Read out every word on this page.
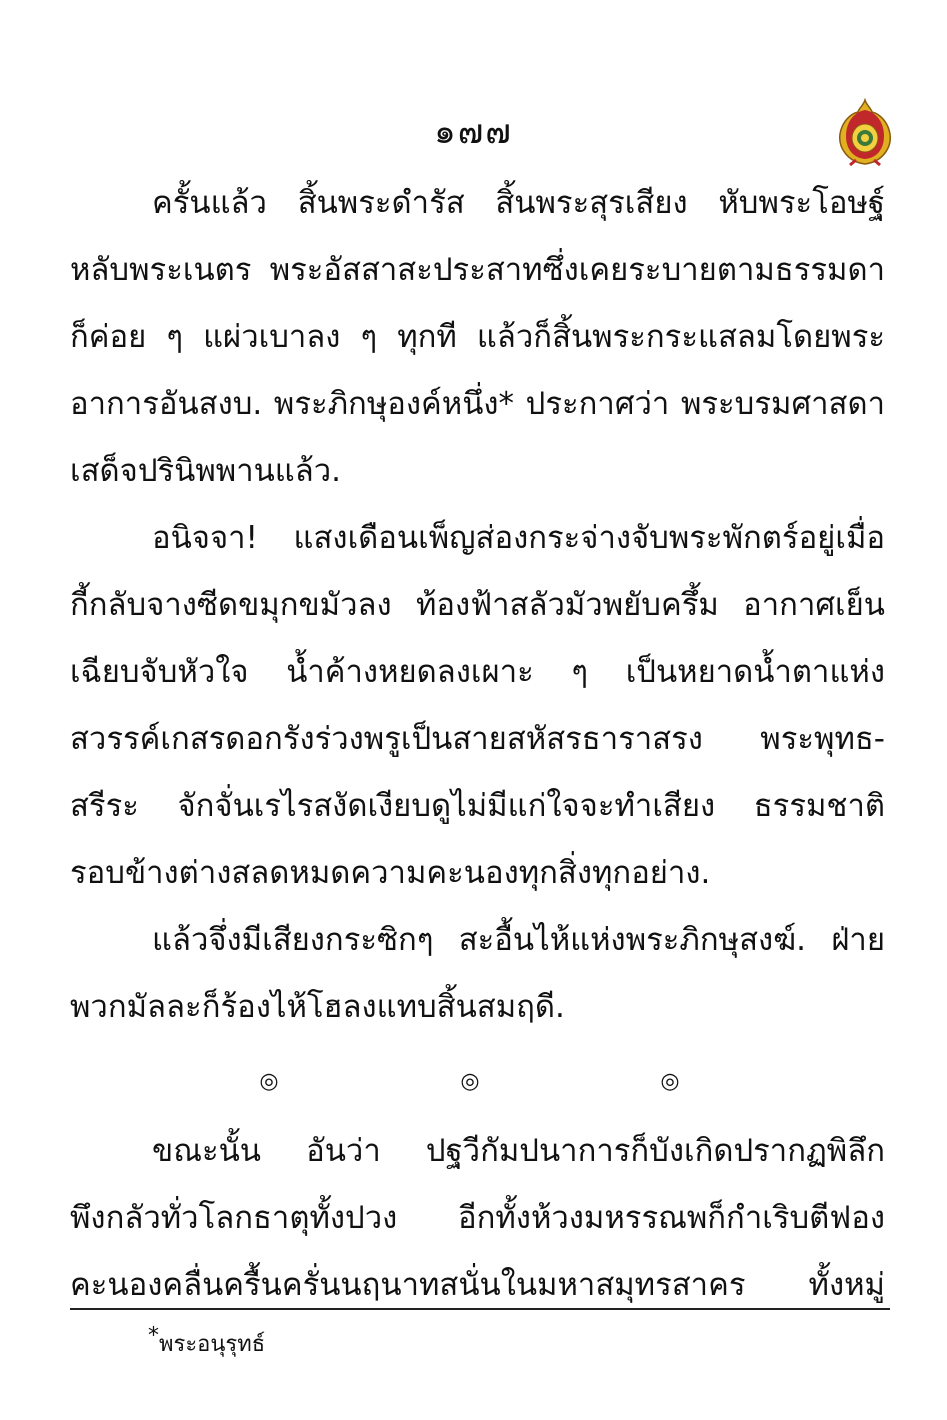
๑๗๗
ครั้นแล้ว สิ้นพระดำรัส สิ้นพระสุรเสียง หับพระโอษฐ์
หลับพระเนตร พระอัสสาสะประสาทซึ่งเคยระบายตามธรรมดา
ก็ค่อย ๆ แผ่วเบาลง ๆ ทุกที แล้วก็สิ้นพระกระแสลมโดยพระ
อาการอันสงบ. พระภิกษุองค์หนึ่ง* ประกาศว่า พระบรมศาสดา
เสด็จปรินิพพานแล้ว.
อนิจจา! แสงเดือนเพ็ญส่องกระจ่างจับพระพักตร์อยู่เมื่อ
กี้กลับจางซีดขมุกขมัวลง ท้องฟ้าสลัวมัวพยับครึ้ม อากาศเย็น
เฉียบจับหัวใจ น้ำค้างหยดลงเผาะ ๆ เป็นหยาดน้ำตาแห่ง
สวรรค์เกสรดอกรังร่วงพรูเป็นสายสหัสรธาราสรง พระพุทธ-
สรีระ จักจั่นเรไรสงัดเงียบดูไม่มีแก่ใจจะทำเสียง ธรรมชาติ
รอบข้างต่างสลดหมดความคะนองทุกสิ่งทุกอย่าง.
แล้วจึ่งมีเสียงกระซิกๆ สะอื้นไห้แห่งพระภิกษุสงฆ์. ฝ่าย
พวกมัลละก็ร้องไห้โฮลงแทบสิ้นสมฤดี.
◎	◎	◎
ขณะนั้น อันว่า ปฐวีกัมปนาการก็บังเกิดปรากฏพิลึก
พึงกลัวทั่วโลกธาตุทั้งปวง อีกทั้งห้วงมหรรณพก็กำเริบตีฟอง
คะนองคลื่นครื้นครั่นนฤนาทสนั่นในมหาสมุทรสาคร ทั้งหมู่
*พระอนุรุทธ์
